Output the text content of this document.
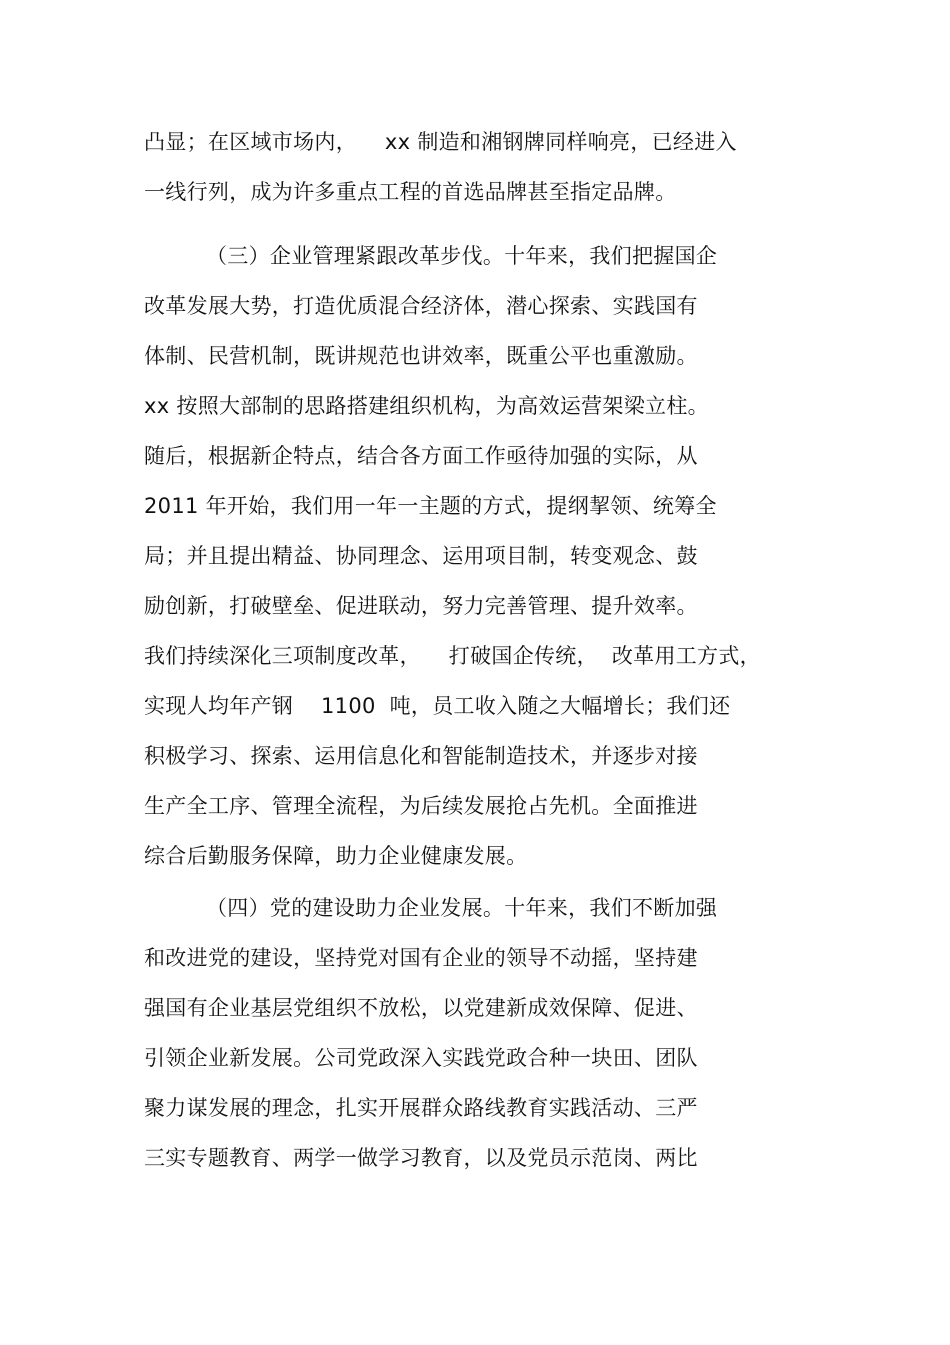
凸显；在区域市场内，    xx 制造和湘钢牌同样响亮，已经进入
一线行列，成为许多重点工程的首选品牌甚至指定品牌。
（三）企业管理紧跟改革步伐。十年来，我们把握国企
改革发展大势，打造优质混合经济体，潜心探索、实践国有
体制、民营机制，既讲规范也讲效率，既重公平也重激励。
xx 按照大部制的思路搭建组织机构，为高效运营架梁立柱。
随后，根据新企特点，结合各方面工作亟待加强的实际，从
2011 年开始，我们用一年一主题的方式，提纲挈领、统筹全
局；并且提出精益、协同理念、运用项目制，转变观念、鼓
励创新，打破壁垒、促进联动，努力完善管理、提升效率。
我们持续深化三项制度改革，    打破国企传统，  改革用工方式，
实现人均年产钢    1100  吨，员工收入随之大幅增长；我们还
积极学习、探索、运用信息化和智能制造技术，并逐步对接
生产全工序、管理全流程，为后续发展抢占先机。全面推进
综合后勤服务保障，助力企业健康发展。
（四）党的建设助力企业发展。十年来，我们不断加强
和改进党的建设，坚持党对国有企业的领导不动摇，坚持建
强国有企业基层党组织不放松，以党建新成效保障、促进、
引领企业新发展。公司党政深入实践党政合种一块田、团队
聚力谋发展的理念，扎实开展群众路线教育实践活动、三严
三实专题教育、两学一做学习教育，以及党员示范岗、两比
